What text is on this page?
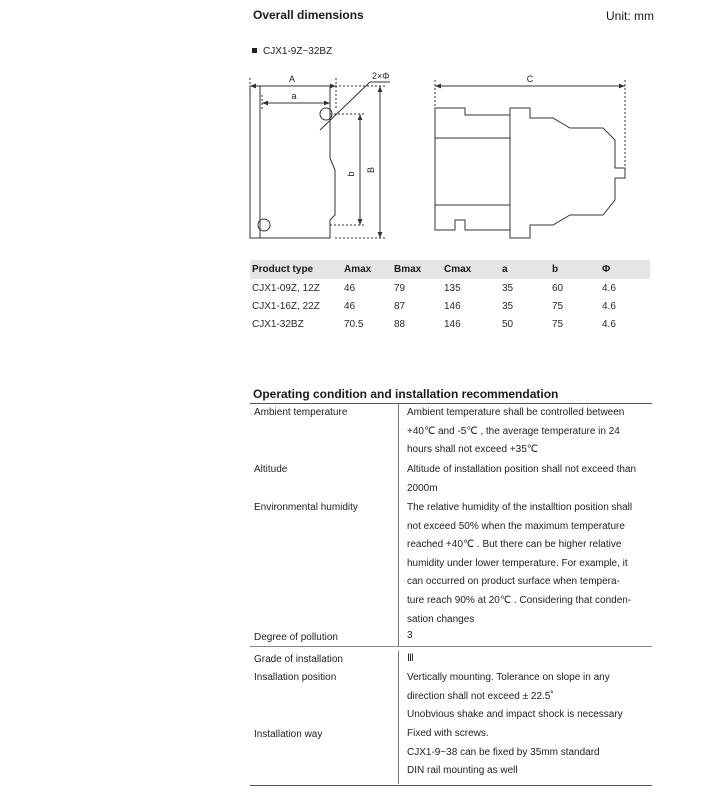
Overall dimensions	Unit: mm
CJX1-9Z~32BZ
A
a
2×Φ
b
B
C
Product type	Amax	Bmax	Cmax	a	b	Φ
CJX1-09Z, 12Z	46	79	135	35	60	4.6
CJX1-16Z, 22Z	46	87	146	35	75	4.6
CJX1-32BZ	70.5	88	146	50	75	4.6
Operating condition and installation recommendation
Ambient temperature	Ambient temperature shall be controlled between
+40℃ and -5℃ , the average temperature in 24
hours shall not exceed +35℃
Altitude	Altitude of installation position shall not exceed than
2000m
Environmental humidity	The relative humidity of the installtion position shall
not exceed 50% when the maximum temperature
reached +40℃ . But there can be higher relative
humidity under lower temperature. For example, it
can occurred on product surface when tempera-
ture reach 90% at 20℃ . Considering that conden-
sation changes
Degree of pollution	3
Grade of installation	Ⅲ
Insallation position	Vertically mounting. Tolerance on slope in any
direction shall not exceed ± 22.5˚
Unobvious shake and impact shock is necessary
Installation way	Fixed with screws.
CJX1-9~38 can be fixed by 35mm standard
DIN rail mounting as well
